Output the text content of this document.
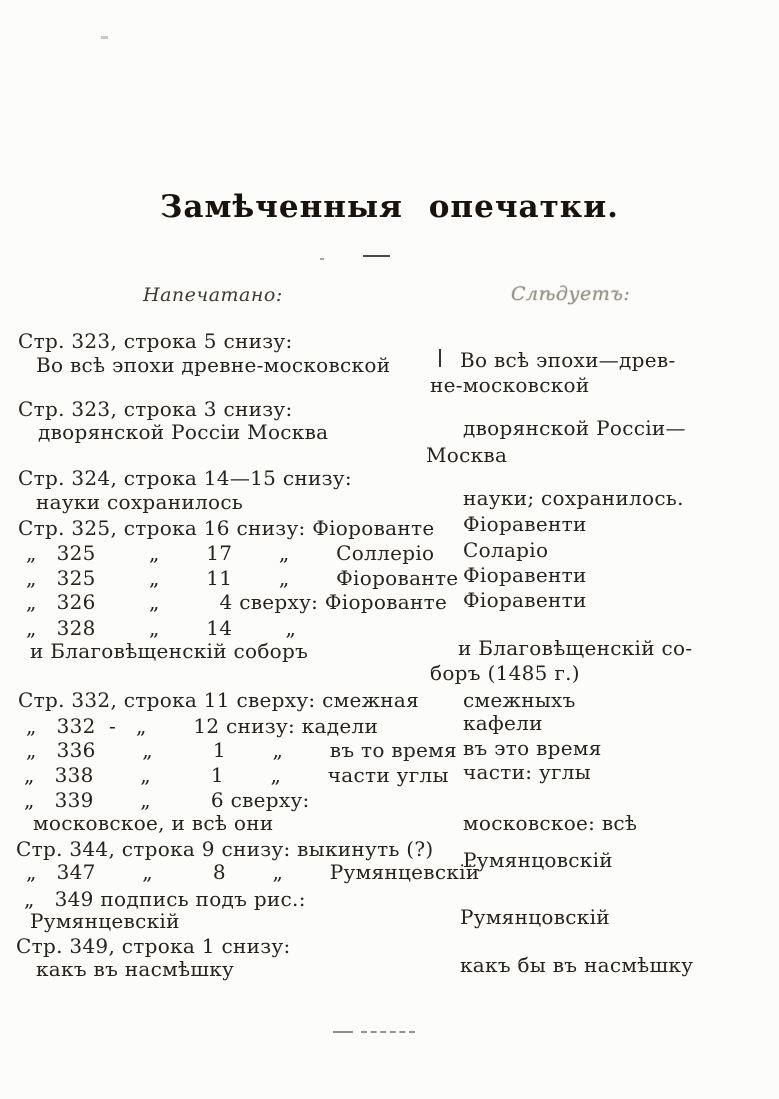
Замѣченныя опечатки.
Напечатано:	Слѣдуетъ:
Стр. 323, строка 5 снизу:
Во всѣ эпохи древне-московской
Стр. 323, строка 3 снизу:
дворянской Россіи Москва
Стр. 324, строка 14—15 снизу:
науки сохранилось
Стр. 325, строка 16 снизу: Фіорованте
„   325        „       17       „       Соллеріо
„   325        „       11       „       Фіорованте
„   326        „         4 сверху: Фіорованте
„   328        „       14        „
и Благовѣщенскій соборъ
Стр. 332, строка 11 сверху: смежная
„   332  -   „       12 снизу: кадели
„   336       „         1       „       въ то время
„   338       „         1       „       части углы
„   339       „         6 сверху:
московское, и всѣ они
Стр. 344, строка 9 снизу: выкинуть (?)
„   347       „         8       „       Румянцевскій
„   349 подпись подъ рис.:
Румянцевскій
Стр. 349, строка 1 снизу:
какъ въ насмѣшку
Во всѣ эпохи—древ-
не-московской
дворянской Россіи—
Москва
науки; сохранилось.
Фіоравенти
Соларіо
Фіоравенти
Фіоравенти
и Благовѣщенскій со-
боръ (1485 г.)
смежныхъ
кафели
въ это время
части: углы
московское: всѣ
Румянцовскій
Румянцовскій
какъ бы въ насмѣшку
